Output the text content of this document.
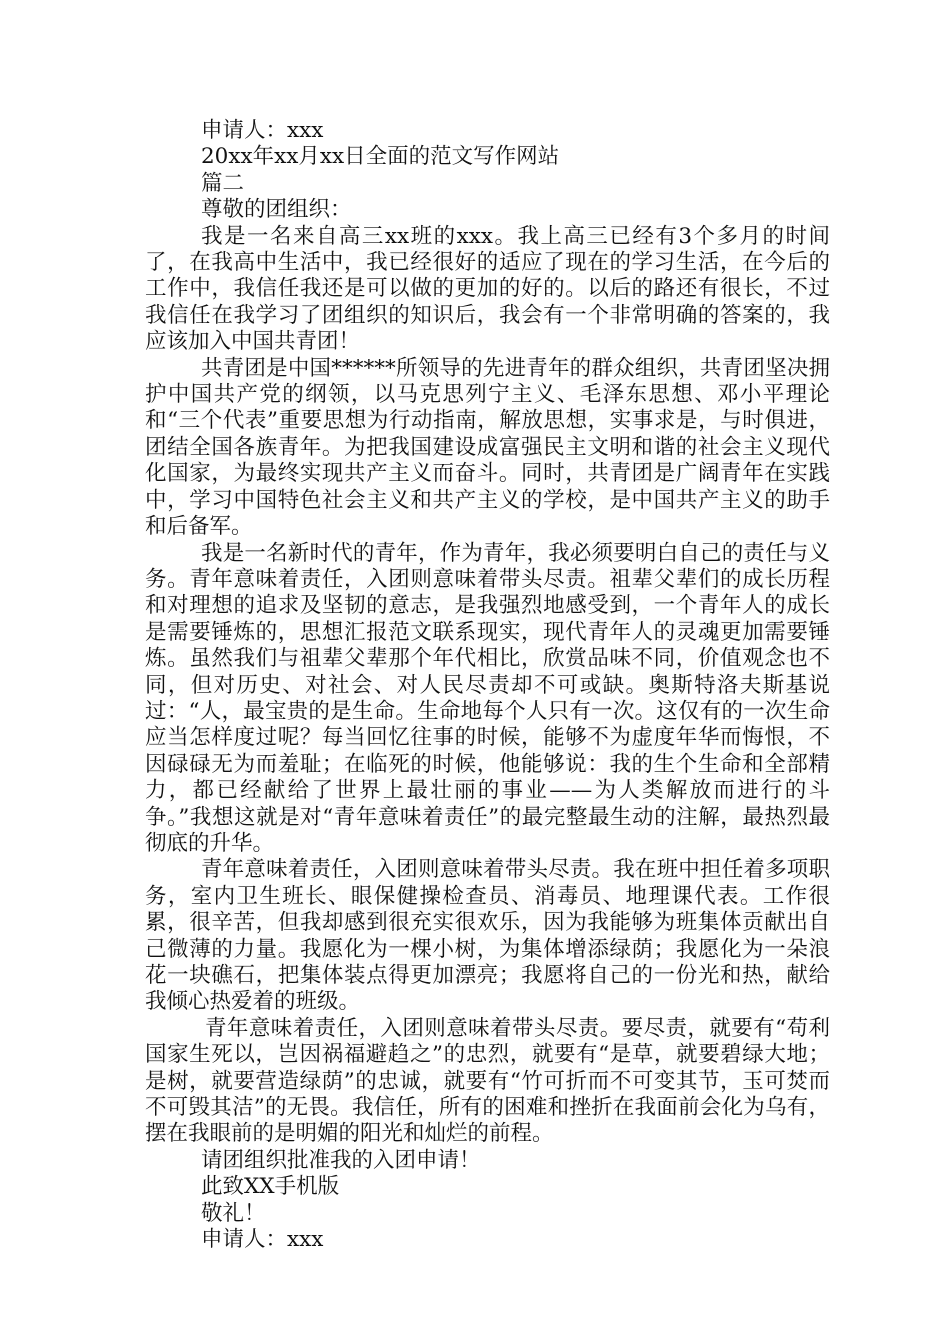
申请人：xxx
20xx年xx月xx日全面的范文写作网站
篇二
尊敬的团组织：
我是一名来自高三xx班的xxx。我上高三已经有3个多月的时间了，在我高中生活中，我已经很好的适应了现在的学习生活，在今后的工作中，我信任我还是可以做的更加的好的。以后的路还有很长，不过我信任在我学习了团组织的知识后，我会有一个非常明确的答案的，我应该加入中国共青团！
共青团是中国******所领导的先进青年的群众组织，共青团坚决拥护中国共产党的纲领，以马克思列宁主义、毛泽东思想、邓小平理论和“三个代表”重要思想为行动指南，解放思想，实事求是，与时俱进，团结全国各族青年。为把我国建设成富强民主文明和谐的社会主义现代化国家，为最终实现共产主义而奋斗。同时，共青团是广阔青年在实践中，学习中国特色社会主义和共产主义的学校，是中国共产主义的助手和后备军。
我是一名新时代的青年，作为青年，我必须要明白自己的责任与义务。青年意味着责任，入团则意味着带头尽责。祖辈父辈们的成长历程和对理想的追求及坚韧的意志，是我强烈地感受到，一个青年人的成长是需要锤炼的，思想汇报范文联系现实，现代青年人的灵魂更加需要锤炼。虽然我们与祖辈父辈那个年代相比，欣赏品味不同，价值观念也不同，但对历史、对社会、对人民尽责却不可或缺。奥斯特洛夫斯基说过：“人，最宝贵的是生命。生命地每个人只有一次。这仅有的一次生命应当怎样度过呢？每当回忆往事的时候，能够不为虚度年华而悔恨，不因碌碌无为而羞耻；在临死的时候，他能够说：我的生个生命和全部精力，都已经献给了世界上最壮丽的事业——为人类解放而进行的斗争。”我想这就是对“青年意味着责任”的最完整最生动的注解，最热烈最彻底的升华。
青年意味着责任，入团则意味着带头尽责。我在班中担任着多项职务，室内卫生班长、眼保健操检查员、消毒员、地理课代表。工作很累，很辛苦，但我却感到很充实很欢乐，因为我能够为班集体贡献出自己微薄的力量。我愿化为一棵小树，为集体增添绿荫；我愿化为一朵浪花一块礁石，把集体装点得更加漂亮；我愿将自己的一份光和热，献给我倾心热爱着的班级。
青年意味着责任，入团则意味着带头尽责。要尽责，就要有“苟利国家生死以，岂因祸福避趋之”的忠烈，就要有“是草，就要碧绿大地；是树，就要营造绿荫”的忠诚，就要有“竹可折而不可变其节，玉可焚而不可毁其洁”的无畏。我信任，所有的困难和挫折在我面前会化为乌有，摆在我眼前的是明媚的阳光和灿烂的前程。
请团组织批准我的入团申请！
此致XX手机版
敬礼！
申请人：xxx
